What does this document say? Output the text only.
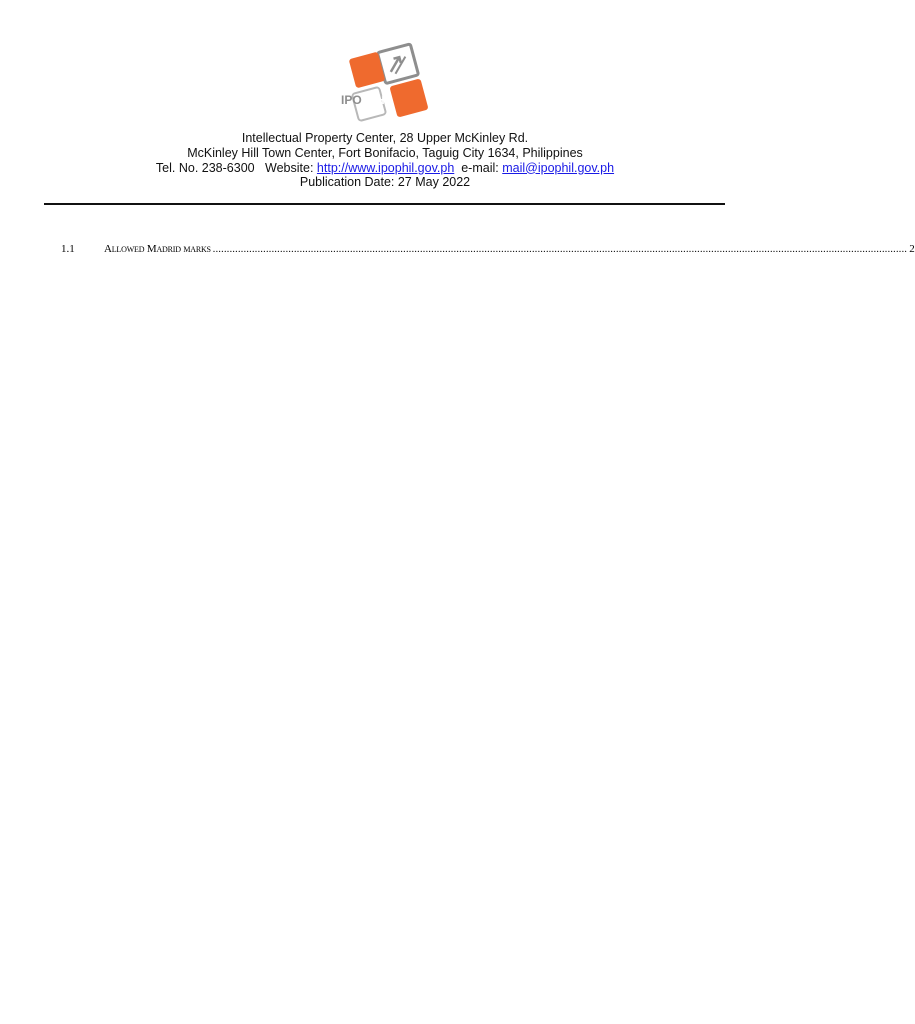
IPO PHL
Intellectual Property Center, 28 Upper McKinley Rd.
McKinley Hill Town Center, Fort Bonifacio, Taguig City 1634, Philippines
Tel. No. 238-6300 Website: http://www.ipophil.gov.ph e-mail: mail@ipophil.gov.ph
Publication Date: 27 May 2022
1.1	Allowed Madrid marks ........................................................................................................................................................................................................................................................ 2
